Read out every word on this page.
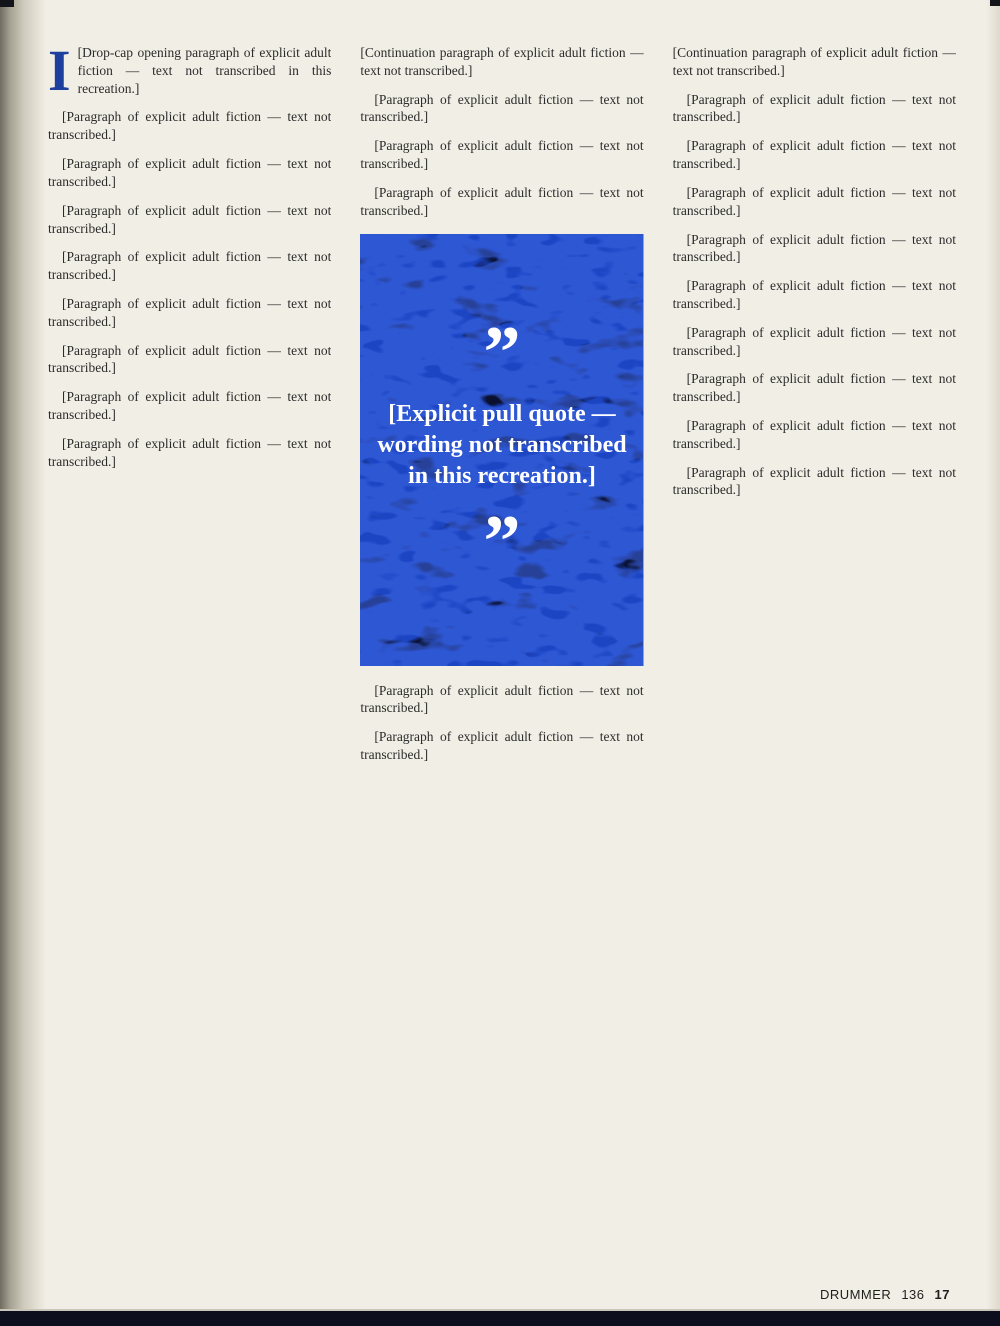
I [Drop-cap opening paragraph of explicit adult fiction — text not transcribed in this recreation.]

[Paragraph of explicit adult fiction — text not transcribed.]

[Paragraph of explicit adult fiction — text not transcribed.]

[Paragraph of explicit adult fiction — text not transcribed.]

[Paragraph of explicit adult fiction — text not transcribed.]

[Paragraph of explicit adult fiction — text not transcribed.]

[Paragraph of explicit adult fiction — text not transcribed.]

[Paragraph of explicit adult fiction — text not transcribed.]

[Paragraph of explicit adult fiction — text not transcribed.]

[Continuation paragraph of explicit adult fiction — text not transcribed.]

[Paragraph of explicit adult fiction — text not transcribed.]

[Paragraph of explicit adult fiction — text not transcribed.]

[Paragraph of explicit adult fiction — text not transcribed.]

”
[Explicit pull quote — wording not transcribed in this recreation.]
”

[Paragraph of explicit adult fiction — text not transcribed.]

[Paragraph of explicit adult fiction — text not transcribed.]

[Continuation paragraph of explicit adult fiction — text not transcribed.]

[Paragraph of explicit adult fiction — text not transcribed.]

[Paragraph of explicit adult fiction — text not transcribed.]

[Paragraph of explicit adult fiction — text not transcribed.]

[Paragraph of explicit adult fiction — text not transcribed.]

[Paragraph of explicit adult fiction — text not transcribed.]

[Paragraph of explicit adult fiction — text not transcribed.]

[Paragraph of explicit adult fiction — text not transcribed.]

[Paragraph of explicit adult fiction — text not transcribed.]

[Paragraph of explicit adult fiction — text not transcribed.]

DRUMMER 136 17
